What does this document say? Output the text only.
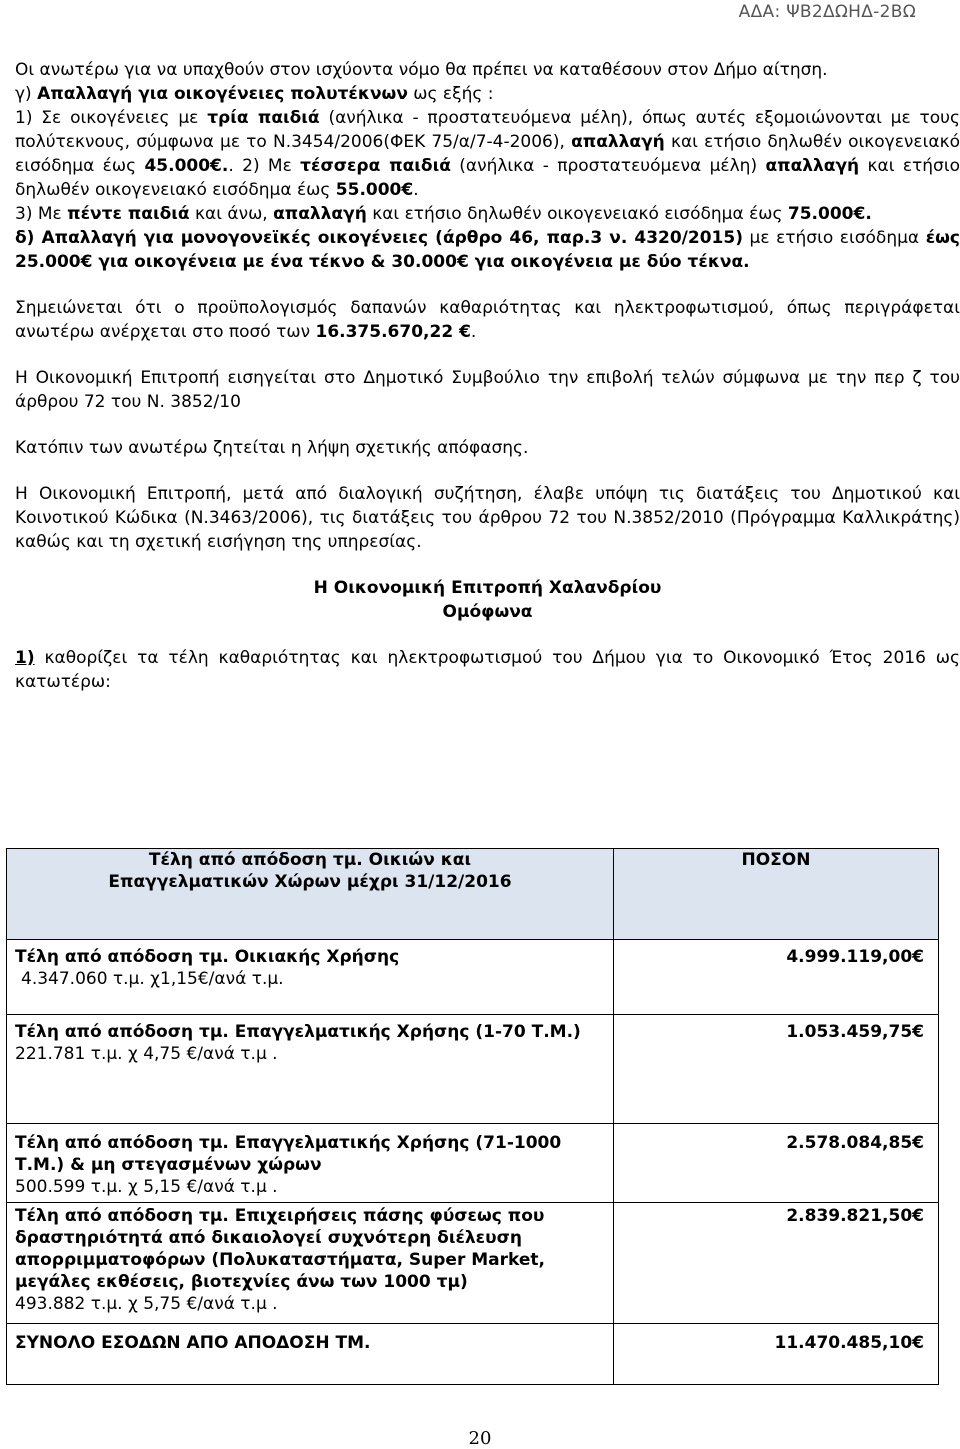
ΑΔΑ: ΨΒ2ΔΩΗΔ-2ΒΩ

Οι ανωτέρω για να υπαχθούν στον ισχύοντα νόμο θα πρέπει να καταθέσουν στον Δήμο αίτηση.

γ) Απαλλαγή για οικογένειες πολυτέκνων ως εξής :

1) Σε οικογένειες με τρία παιδιά (ανήλικα - προστατευόμενα μέλη), όπως αυτές εξομοιώνονται με τους πολύτεκνους, σύμφωνα με το Ν.3454/2006(ΦΕΚ 75/α/7-4-2006), απαλλαγή και ετήσιο δηλωθέν οικογενειακό εισόδημα έως 45.000€.. 2) Με τέσσερα παιδιά (ανήλικα - προστατευόμενα μέλη) απαλλαγή και ετήσιο δηλωθέν οικογενειακό εισόδημα έως 55.000€.

3) Με πέντε παιδιά και άνω, απαλλαγή και ετήσιο δηλωθέν οικογενειακό εισόδημα έως 75.000€.

δ) Απαλλαγή για μονογονεϊκές οικογένειες (άρθρο 46, παρ.3 ν. 4320/2015) με ετήσιο εισόδημα έως 25.000€ για οικογένεια με ένα τέκνο & 30.000€ για οικογένεια με δύο τέκνα.

Σημειώνεται ότι ο προϋπολογισμός δαπανών καθαριότητας και ηλεκτροφωτισμού, όπως περιγράφεται ανωτέρω ανέρχεται στο ποσό των 16.375.670,22 €.

Η Οικονομική Επιτροπή εισηγείται στο Δημοτικό Συμβούλιο την επιβολή τελών σύμφωνα με την περ ζ του άρθρου 72 του Ν. 3852/10

Κατόπιν των ανωτέρω ζητείται η λήψη σχετικής απόφασης.

Η Οικονομική Επιτροπή, μετά από διαλογική συζήτηση, έλαβε υπόψη τις διατάξεις του Δημοτικού και Κοινοτικού Κώδικα (Ν.3463/2006), τις διατάξεις του άρθρου 72 του Ν.3852/2010 (Πρόγραμμα Καλλικράτης) καθώς και τη σχετική εισήγηση της υπηρεσίας.

Η Οικονομική Επιτροπή Χαλανδρίου

Ομόφωνα

1) καθορίζει τα τέλη καθαριότητας και ηλεκτροφωτισμού του Δήμου για το Οικονομικό Έτος 2016 ως κατωτέρω:

Τέλη από απόδοση τμ. Οικιών και
Επαγγελματικών Χώρων μέχρι 31/12/2016	ΠΟΣΟΝ

Τέλη από απόδοση τμ. Οικιακής Χρήσης
4.347.060 τ.μ. χ1,15€/ανά τ.μ.	4.999.119,00€

Τέλη από απόδοση τμ. Επαγγελματικής Χρήσης (1-70 Τ.Μ.)
221.781 τ.μ. χ 4,75 €/ανά τ.μ .	1.053.459,75€

Τέλη από απόδοση τμ. Επαγγελματικής Χρήσης (71-1000 Τ.Μ.) & μη στεγασμένων χώρων
500.599 τ.μ. χ 5,15 €/ανά τ.μ .	2.578.084,85€

Τέλη από απόδοση τμ. Επιχειρήσεις πάσης φύσεως που δραστηριότητά από δικαιολογεί συχνότερη διέλευση απορριμματοφόρων (Πολυκαταστήματα, Super Market, μεγάλες εκθέσεις, βιοτεχνίες άνω των 1000 τμ)
493.882 τ.μ. χ 5,75 €/ανά τ.μ .	2.839.821,50€
ΣΥΝΟΛΟ ΕΣΟΔΩΝ ΑΠΟ ΑΠΟΔΟΣΗ ΤΜ.	11.470.485,10€
20
